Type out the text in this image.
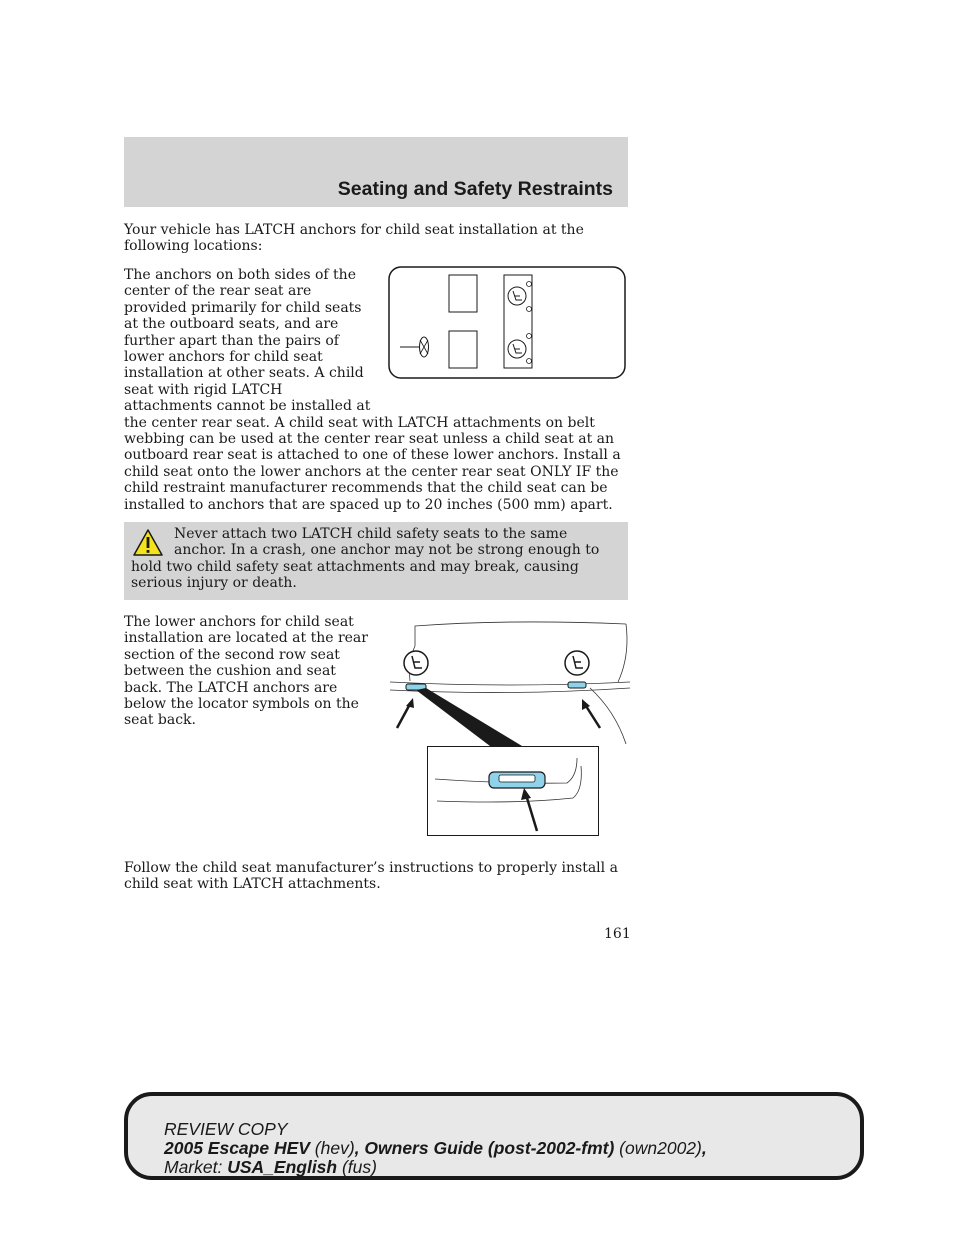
Seating and Safety Restraints

Your vehicle has LATCH anchors for child seat installation at the following locations:

The anchors on both sides of the center of the rear seat are provided primarily for child seats at the outboard seats, and are further apart than the pairs of lower anchors for child seat installation at other seats. A child seat with rigid LATCH attachments cannot be installed at the center rear seat. A child seat with LATCH attachments on belt webbing can be used at the center rear seat unless a child seat at an outboard rear seat is attached to one of these lower anchors. Install a child seat onto the lower anchors at the center rear seat ONLY IF the child restraint manufacturer recommends that the child seat can be installed to anchors that are spaced up to 20 inches (500 mm) apart.

Never attach two LATCH child safety seats to the same anchor. In a crash, one anchor may not be strong enough to hold two child safety seat attachments and may break, causing serious injury or death.

The lower anchors for child seat installation are located at the rear section of the second row seat between the cushion and seat back. The LATCH anchors are below the locator symbols on the seat back.

Follow the child seat manufacturer’s instructions to properly install a child seat with LATCH attachments.

161
REVIEW COPY
2005 Escape HEV (hev), Owners Guide (post-2002-fmt) (own2002),
Market: USA_English (fus)
